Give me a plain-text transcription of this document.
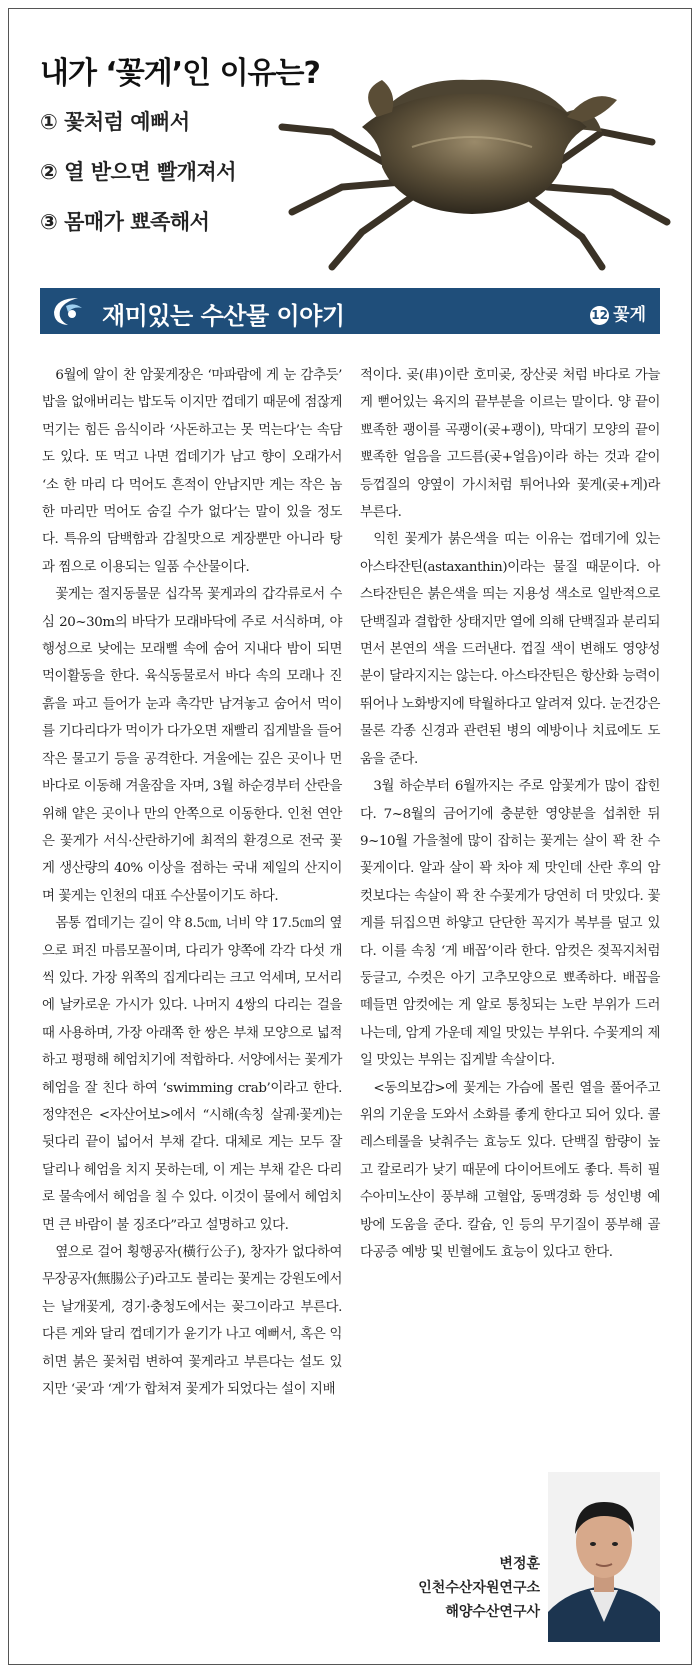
내가 ‘꽃게’인 이유는?
① 꽃처럼 예뻐서
② 열 받으면 빨개져서
③ 몸매가 뾰족해서
재미있는 수산물 이야기	12 꽃게

6월에 알이 찬 암꽃게장은 ‘마파람에 게 눈 감추듯’ 밥을 없애버리는 밥도둑 이지만 껍데기 때문에 점잖게 먹기는 힘든 음식이라 ‘사돈하고는 못 먹는다’는 속담도 있다. 또 먹고 나면 껍데기가 남고 향이 오래가서 ‘소 한 마리 다 먹어도 흔적이 안남지만 게는 작은 놈 한 마리만 먹어도 숨길 수가 없다’는 말이 있을 정도다. 특유의 담백함과 감칠맛으로 게장뿐만 아니라 탕과 찜으로 이용되는 일품 수산물이다.

꽃게는 절지동물문 십각목 꽃게과의 갑각류로서 수심 20~30m의 바닥가 모래바닥에 주로 서식하며, 야행성으로 낮에는 모래뻘 속에 숨어 지내다 밤이 되면 먹이활동을 한다. 육식동물로서 바다 속의 모래나 진흙을 파고 들어가 눈과 촉각만 남겨놓고 숨어서 먹이를 기다리다가 먹이가 다가오면 재빨리 집게발을 들어 작은 물고기 등을 공격한다. 겨울에는 깊은 곳이나 먼 바다로 이동해 겨울잠을 자며, 3월 하순경부터 산란을 위해 얕은 곳이나 만의 안쪽으로 이동한다. 인천 연안은 꽃게가 서식·산란하기에 최적의 환경으로 전국 꽃게 생산량의 40% 이상을 점하는 국내 제일의 산지이며 꽃게는 인천의 대표 수산물이기도 하다.

몸통 껍데기는 길이 약 8.5㎝, 너비 약 17.5㎝의 옆으로 퍼진 마름모꼴이며, 다리가 양쪽에 각각 다섯 개씩 있다. 가장 위쪽의 집게다리는 크고 억세며, 모서리에 날카로운 가시가 있다. 나머지 4쌍의 다리는 걸을 때 사용하며, 가장 아래쪽 한 쌍은 부채 모양으로 넓적하고 평평해 헤엄치기에 적합하다. 서양에서는 꽃게가 헤엄을 잘 친다 하여 ‘swimming crab’이라고 한다. 정약전은 <자산어보>에서 “시해(속칭 살궤·꽃게)는 뒷다리 끝이 넓어서 부채 같다. 대체로 게는 모두 잘 달리나 헤엄을 치지 못하는데, 이 게는 부채 같은 다리로 물속에서 헤엄을 칠 수 있다. 이것이 물에서 헤엄치면 큰 바람이 불 징조다”라고 설명하고 있다.

옆으로 걸어 횡행공자(橫行公子), 창자가 없다하여 무장공자(無腸公子)라고도 불리는 꽃게는 강원도에서는 날개꽃게, 경기·충청도에서는 꽂그이라고 부른다. 다른 게와 달리 껍데기가 윤기가 나고 예뻐서, 혹은 익히면 붉은 꽃처럼 변하여 꽃게라고 부른다는 설도 있지만 ‘곶’과 ‘게’가 합쳐져 꽃게가 되었다는 설이 지배

적이다. 곶(串)이란 호미곶, 장산곶 처럼 바다로 가늘게 뻗어있는 육지의 끝부분을 이르는 말이다. 양 끝이 뾰족한 괭이를 곡괭이(곶+괭이), 막대기 모양의 끝이 뾰족한 얼음을 고드름(곶+얼음)이라 하는 것과 같이 등껍질의 양옆이 가시처럼 튀어나와 꽃게(곶+게)라 부른다.

익힌 꽃게가 붉은색을 띠는 이유는 껍데기에 있는 아스타잔틴(astaxanthin)이라는 물질 때문이다. 아스타잔틴은 붉은색을 띄는 지용성 색소로 일반적으로 단백질과 결합한 상태지만 열에 의해 단백질과 분리되면서 본연의 색을 드러낸다. 껍질 색이 변해도 영양성분이 달라지지는 않는다. 아스타잔틴은 항산화 능력이 뛰어나 노화방지에 탁월하다고 알려져 있다. 눈건강은 물론 각종 신경과 관련된 병의 예방이나 치료에도 도움을 준다.

3월 하순부터 6월까지는 주로 암꽃게가 많이 잡힌다. 7~8월의 금어기에 충분한 영양분을 섭취한 뒤 9~10월 가을철에 많이 잡히는 꽃게는 살이 꽉 찬 수꽃게이다. 알과 살이 꽉 차야 제 맛인데 산란 후의 암컷보다는 속살이 꽉 찬 수꽃게가 당연히 더 맛있다. 꽃게를 뒤집으면 하얗고 단단한 꼭지가 복부를 덮고 있다. 이를 속칭 ‘게 배꼽’이라 한다. 암컷은 젖꼭지처럼 둥글고, 수컷은 아기 고추모양으로 뾰족하다. 배꼽을 떼들면 암컷에는 게 알로 통칭되는 노란 부위가 드러나는데, 암게 가운데 제일 맛있는 부위다. 수꽃게의 제일 맛있는 부위는 집게발 속살이다.

<동의보감>에 꽃게는 가슴에 몰린 열을 풀어주고 위의 기운을 도와서 소화를 좋게 한다고 되어 있다. 콜레스테롤을 낮춰주는 효능도 있다. 단백질 함량이 높고 칼로리가 낮기 때문에 다이어트에도 좋다. 특히 필수아미노산이 풍부해 고혈압, 동맥경화 등 성인병 예방에 도움을 준다. 칼슘, 인 등의 무기질이 풍부해 골다공증 예방 및 빈혈에도 효능이 있다고 한다.

변정훈
인천수산자원연구소
해양수산연구사
